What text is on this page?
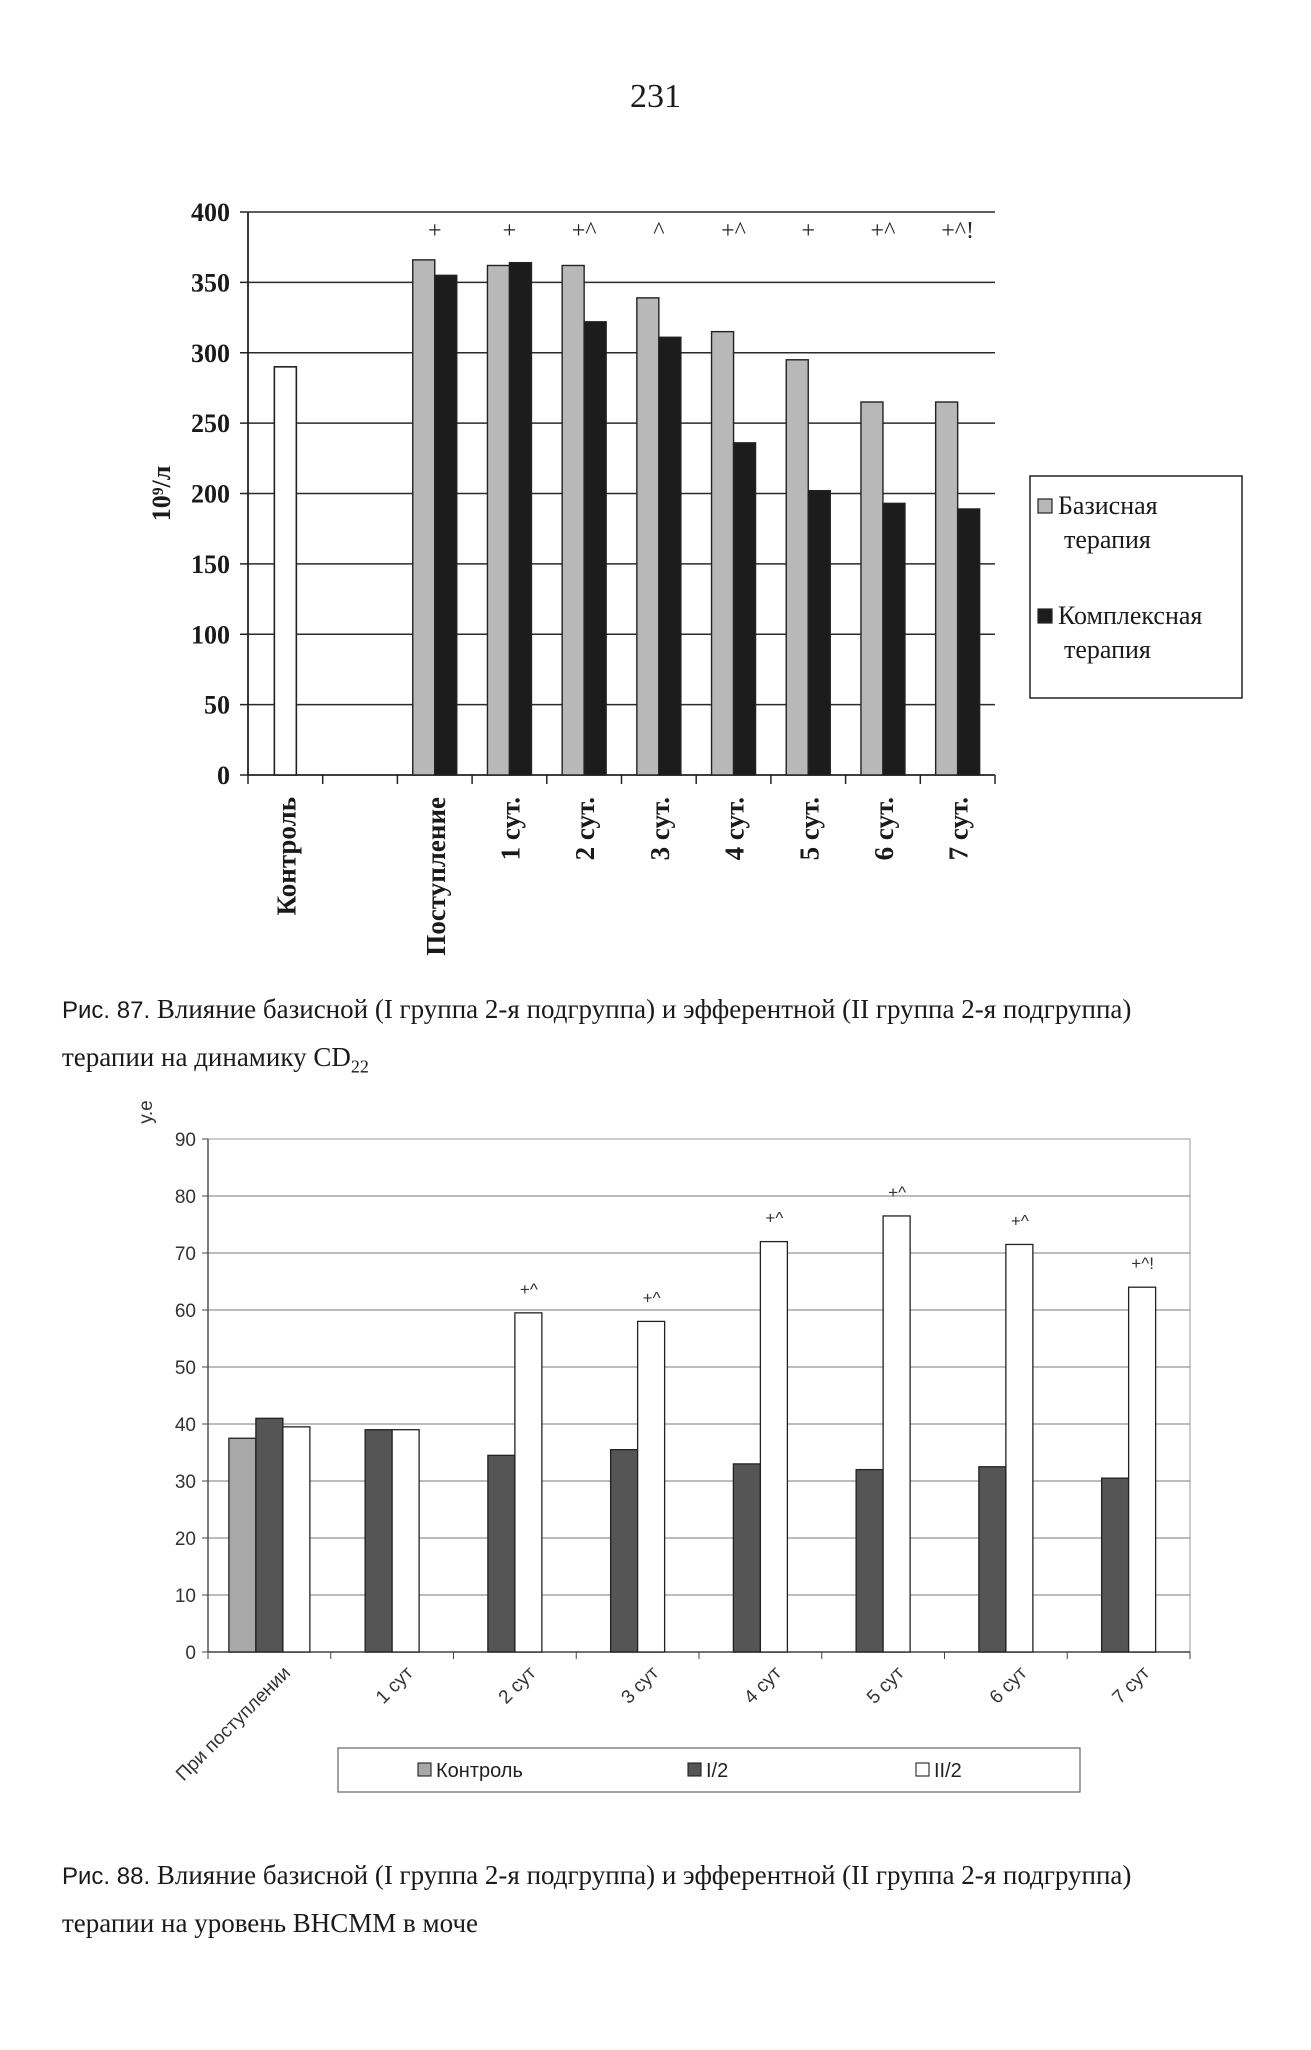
231
0
50
100
150
200
250
300
350
400
10⁹/л
Контроль	Поступление
+
1 сут.
+
2 сут.
+^
3 сут.
^
4 сут.
+^
5 сут.
+
6 сут.
+^
7 сут.
+^!
Базисная терапия
Комплексная терапия
0
10
20
30
40
50
60
70
80
90
у.е
При поступлении	1 сут	2 сут
+^
3 сут
+^
4 сут
+^
5 сут
+^
6 сут
+^
7 сут
+^!
Контроль	I/2	II/2
Рис. 87. Влияние базисной (I группа 2-я подгруппа) и эфферентной (II группа 2-я подгруппа)
терапии на динамику $CD_{22}$
Рис. 88. Влияние базисной (I группа 2-я подгруппа) и эфферентной (II группа 2-я подгруппа)
терапии на уровень ВНСММ в моче
